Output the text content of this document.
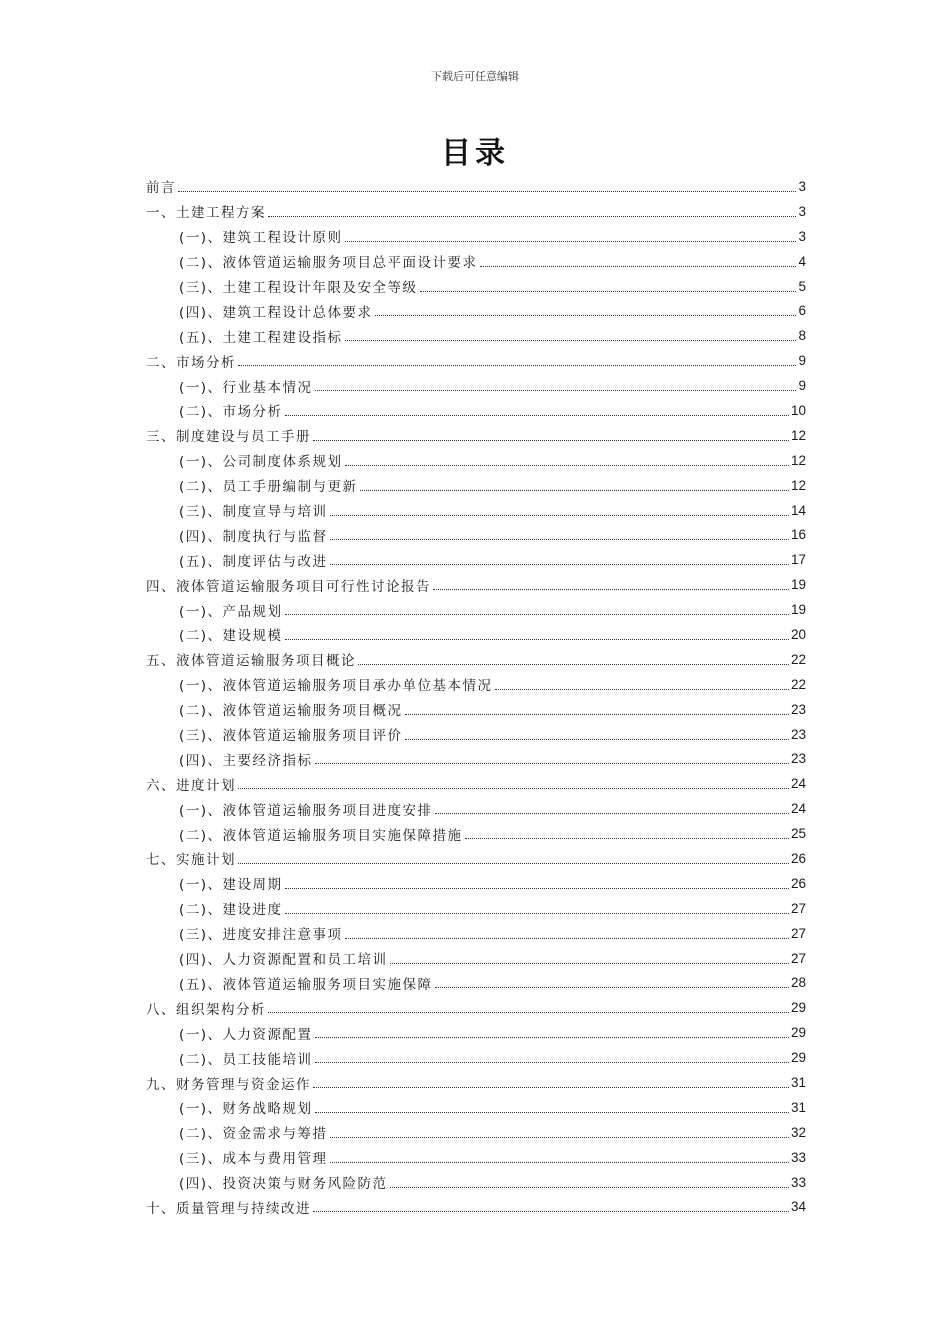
下载后可任意编辑
目录
前言	3
一、土建工程方案	3
(一)、建筑工程设计原则	3
(二)、液体管道运输服务项目总平面设计要求	4
(三)、土建工程设计年限及安全等级	5
(四)、建筑工程设计总体要求	6
(五)、土建工程建设指标	8
二、市场分析	9
(一)、行业基本情况	9
(二)、市场分析	10
三、制度建设与员工手册	12
(一)、公司制度体系规划	12
(二)、员工手册编制与更新	12
(三)、制度宣导与培训	14
(四)、制度执行与监督	16
(五)、制度评估与改进	17
四、液体管道运输服务项目可行性讨论报告	19
(一)、产品规划	19
(二)、建设规模	20
五、液体管道运输服务项目概论	22
(一)、液体管道运输服务项目承办单位基本情况	22
(二)、液体管道运输服务项目概况	23
(三)、液体管道运输服务项目评价	23
(四)、主要经济指标	23
六、进度计划	24
(一)、液体管道运输服务项目进度安排	24
(二)、液体管道运输服务项目实施保障措施	25
七、实施计划	26
(一)、建设周期	26
(二)、建设进度	27
(三)、进度安排注意事项	27
(四)、人力资源配置和员工培训	27
(五)、液体管道运输服务项目实施保障	28
八、组织架构分析	29
(一)、人力资源配置	29
(二)、员工技能培训	29
九、财务管理与资金运作	31
(一)、财务战略规划	31
(二)、资金需求与筹措	32
(三)、成本与费用管理	33
(四)、投资决策与财务风险防范	33
十、质量管理与持续改进	34
